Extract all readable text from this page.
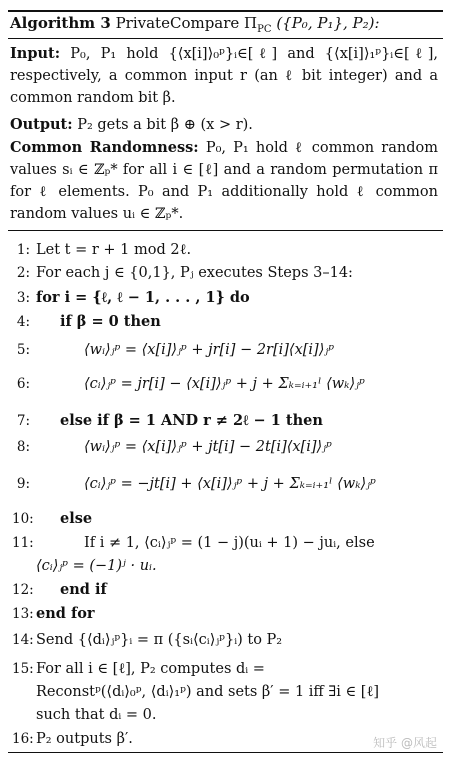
Algorithm 3 PrivateCompare $\Pi_{PC}$ ({P₀, P₁}, P₂):
Input: P₀, P₁ hold {⟨x[i]⟩₀ᵖ}ᵢ∈[ℓ] and {⟨x[i]⟩₁ᵖ}ᵢ∈[ℓ], respectively, a common input r (an ℓ bit integer) and a common random bit β.
Output: P₂ gets a bit β ⊕ (x > r).
Common Randomness: P₀, P₁ hold ℓ common random values sᵢ ∈ ℤₚ* for all i ∈ [ℓ] and a random permutation π for ℓ elements. P₀ and P₁ additionally hold ℓ common random values uᵢ ∈ ℤₚ*.
1: Let t = r + 1 mod 2ℓ.
2: For each j ∈ {0,1}, Pⱼ executes Steps 3–14:
3: for i = {ℓ, ℓ − 1, . . . , 1} do
4: if β = 0 then
5:	⟨wᵢ⟩ⱼᵖ = ⟨x[i]⟩ⱼᵖ + jr[i] − 2r[i]⟨x[i]⟩ⱼᵖ
6:	⟨cᵢ⟩ⱼᵖ = jr[i] − ⟨x[i]⟩ⱼᵖ + j + Σₖ₌ᵢ₊₁ˡ ⟨wₖ⟩ⱼᵖ
7: else if β = 1 AND r ≠ 2ℓ − 1 then
8:	⟨wᵢ⟩ⱼᵖ = ⟨x[i]⟩ⱼᵖ + jt[i] − 2t[i]⟨x[i]⟩ⱼᵖ
9:	⟨cᵢ⟩ⱼᵖ = −jt[i] + ⟨x[i]⟩ⱼᵖ + j + Σₖ₌ᵢ₊₁ˡ ⟨wₖ⟩ⱼᵖ
10: else
11:	If i ≠ 1, ⟨cᵢ⟩ⱼᵖ = (1 − j)(uᵢ + 1) − juᵢ, else
⟨cᵢ⟩ⱼᵖ = (−1)ʲ · uᵢ.
12: end if
13: end for
14: Send {⟨dᵢ⟩ⱼᵖ}ᵢ = π ({sᵢ⟨cᵢ⟩ⱼᵖ}ᵢ) to P₂
15: For all i ∈ [ℓ], P₂ computes dᵢ =
Reconstᵖ(⟨dᵢ⟩₀ᵖ, ⟨dᵢ⟩₁ᵖ) and sets β′ = 1 iff ∃i ∈ [ℓ]
such that dᵢ = 0.
16: P₂ outputs β′.	知乎 @风起
